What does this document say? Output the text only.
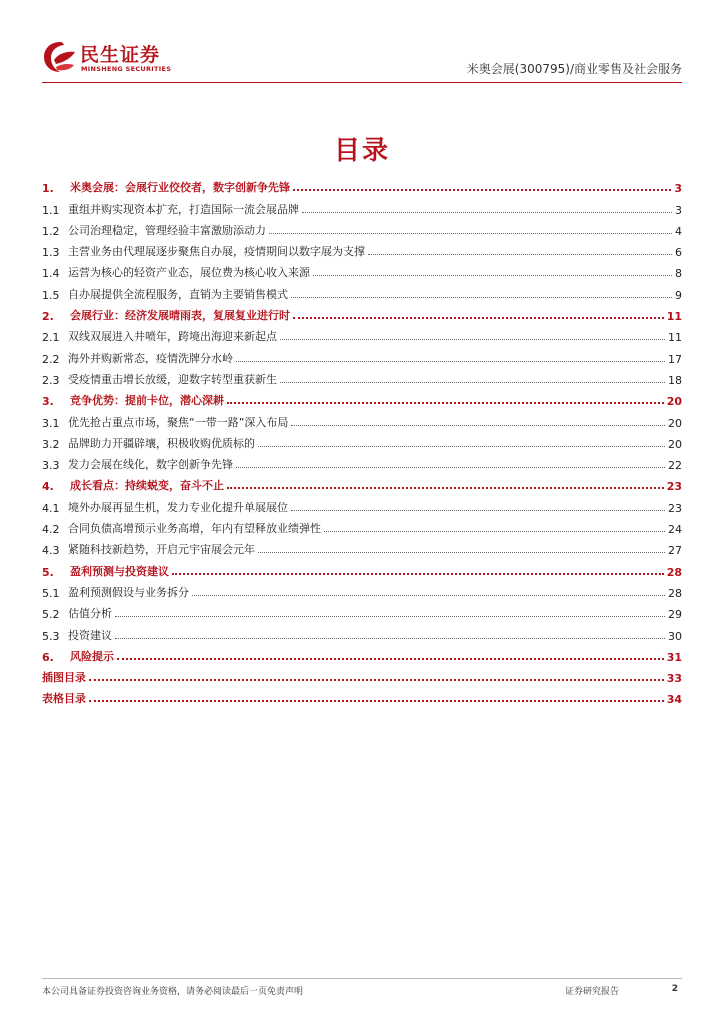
民生证券
MINSHENG SECURITIES	米奥会展(300795)/商业零售及社会服务
目录
1.	米奥会展：会展行业佼佼者，数字创新争先锋	3
1.1 重组并购实现资本扩充，打造国际一流会展品牌	3
1.2 公司治理稳定，管理经验丰富激励添动力	4
1.3 主营业务由代理展逐步聚焦自办展，疫情期间以数字展为支撑	6
1.4 运营为核心的轻资产业态，展位费为核心收入来源	8
1.5 自办展提供全流程服务，直销为主要销售模式	9
2.	会展行业：经济发展晴雨表，复展复业进行时	11
2.1 双线双展进入井喷年，跨境出海迎来新起点	11
2.2 海外并购新常态，疫情洗牌分水岭	17
2.3 受疫情重击增长放缓，迎数字转型重获新生	18
3.	竞争优势：提前卡位，潜心深耕	20
3.1 优先抢占重点市场，聚焦“一带一路”深入布局	20
3.2 品牌助力开疆辟壤，积极收购优质标的	20
3.3 发力会展在线化，数字创新争先锋	22
4.	成长看点：持续蜕变，奋斗不止	23
4.1 境外办展再显生机，发力专业化提升单展展位	23
4.2 合同负债高增预示业务高增，年内有望释放业绩弹性	24
4.3 紧随科技新趋势，开启元宇宙展会元年	27
5.	盈利预测与投资建议	28
5.1 盈利预测假设与业务拆分	28
5.2 估值分析	29
5.3 投资建议	30
6.	风险提示	31
插图目录	33
表格目录	34
本公司具备证券投资咨询业务资格，请务必阅读最后一页免责声明	证券研究报告	2
